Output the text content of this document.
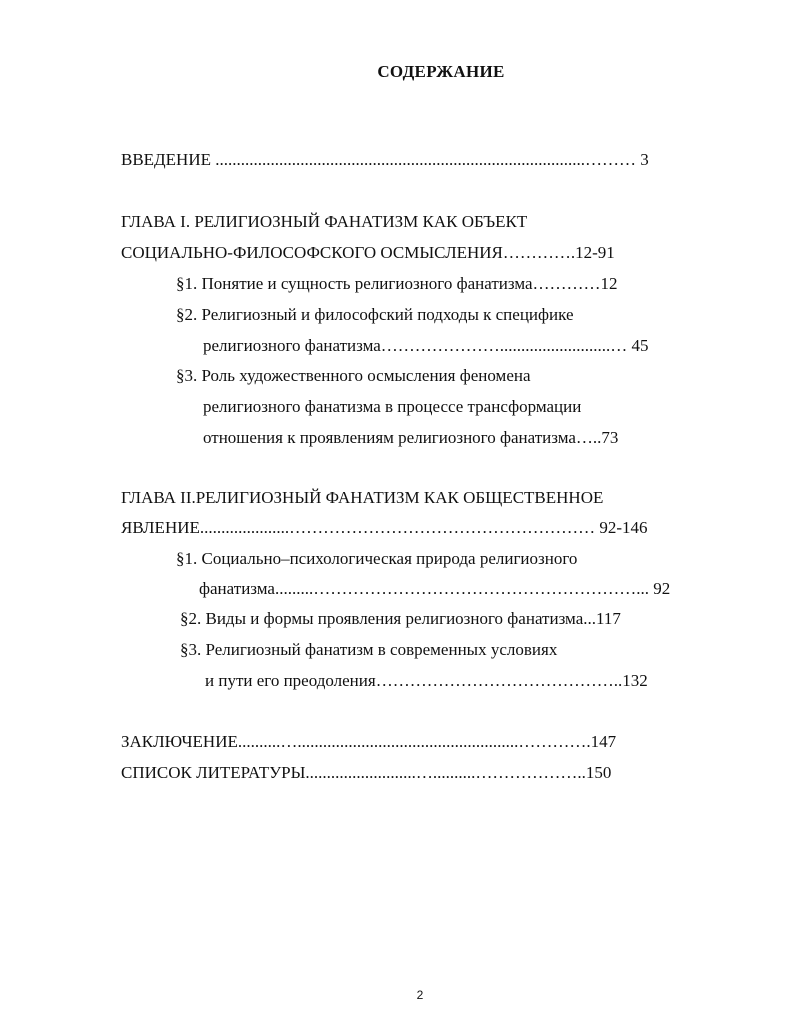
СОДЕРЖАНИЕ
ВВЕДЕНИЕ .......................................................................................……… 3
ГЛАВА I. РЕЛИГИОЗНЫЙ ФАНАТИЗМ КАК ОБЪЕКТ
СОЦИАЛЬНО-ФИЛОСОФСКОГО ОСМЫСЛЕНИЯ………….12-91
§1. Понятие и сущность религиозного фанатизма…………12
§2. Религиозный и философский подходы к специфике
религиозного фанатизма…………………..........................… 45
§3. Роль художественного осмысления феномена
религиозного фанатизма в процессе трансформации
отношения к проявлениям религиозного фанатизма…..73
ГЛАВА II.РЕЛИГИОЗНЫЙ ФАНАТИЗМ КАК ОБЩЕСТВЕННОЕ
ЯВЛЕНИЕ.....................……………………………………………… 92-146
§1. Социально–психологическая природа религиозного
фанатизма.........…………………………………………………... 92
§2. Виды и формы проявления религиозного фанатизма...117
§3. Религиозный фанатизм в современных условиях
и пути его преодоления……………………………………..132
ЗАКЛЮЧЕНИЕ..........…....................................................………….147
СПИСОК ЛИТЕРАТУРЫ..........................…..........………………..150
2
